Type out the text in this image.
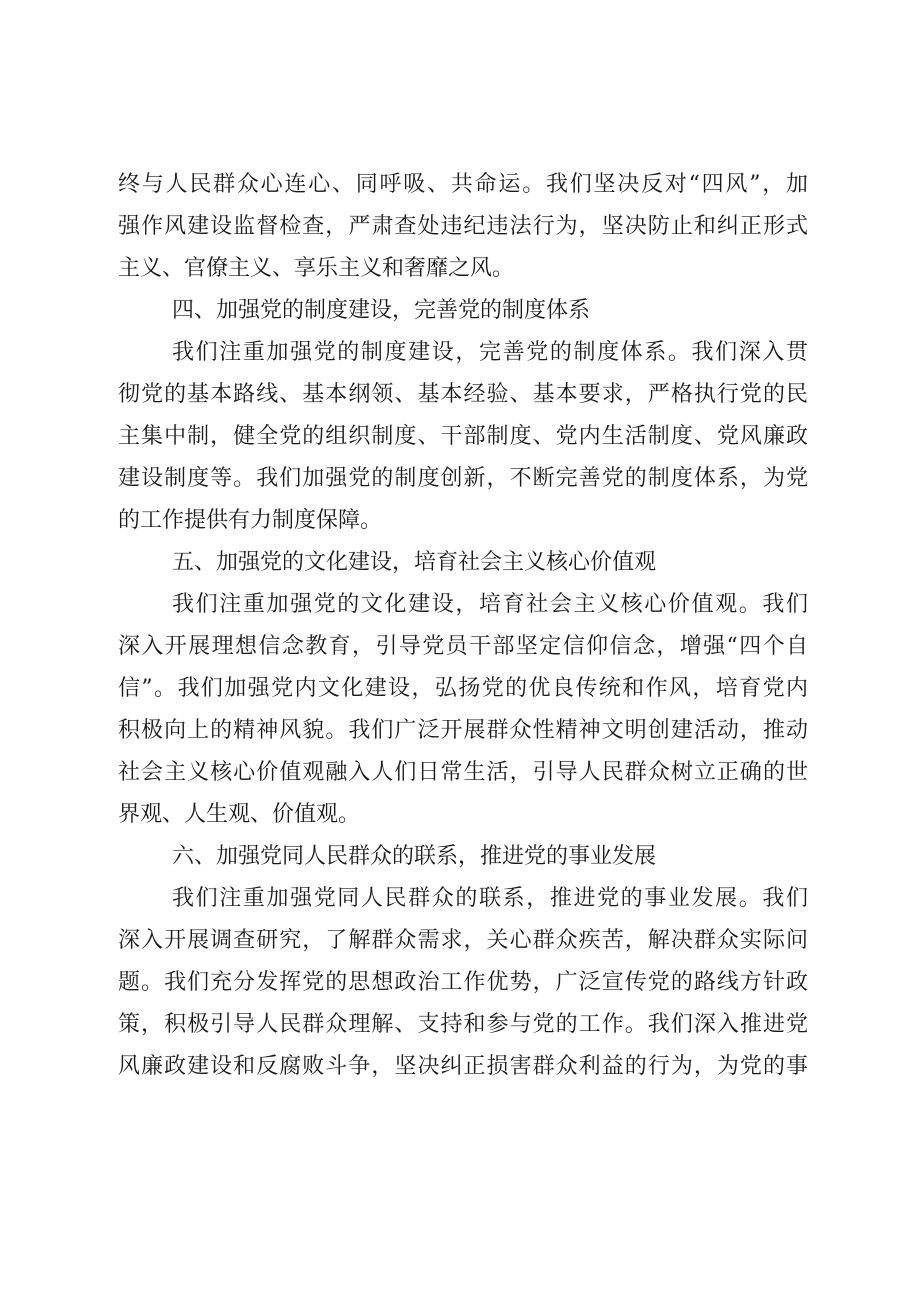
终与人民群众心连心、同呼吸、共命运。我们坚决反对“四风”，加
强作风建设监督检查，严肃查处违纪违法行为，坚决防止和纠正形式
主义、官僚主义、享乐主义和奢靡之风。
四、加强党的制度建设，完善党的制度体系
我们注重加强党的制度建设，完善党的制度体系。我们深入贯
彻党的基本路线、基本纲领、基本经验、基本要求，严格执行党的民
主集中制，健全党的组织制度、干部制度、党内生活制度、党风廉政
建设制度等。我们加强党的制度创新，不断完善党的制度体系，为党
的工作提供有力制度保障。
五、加强党的文化建设，培育社会主义核心价值观
我们注重加强党的文化建设，培育社会主义核心价值观。我们
深入开展理想信念教育，引导党员干部坚定信仰信念，增强“四个自
信”。我们加强党内文化建设，弘扬党的优良传统和作风，培育党内
积极向上的精神风貌。我们广泛开展群众性精神文明创建活动，推动
社会主义核心价值观融入人们日常生活，引导人民群众树立正确的世
界观、人生观、价值观。
六、加强党同人民群众的联系，推进党的事业发展
我们注重加强党同人民群众的联系，推进党的事业发展。我们
深入开展调查研究，了解群众需求，关心群众疾苦，解决群众实际问
题。我们充分发挥党的思想政治工作优势，广泛宣传党的路线方针政
策，积极引导人民群众理解、支持和参与党的工作。我们深入推进党
风廉政建设和反腐败斗争，坚决纠正损害群众利益的行为，为党的事
